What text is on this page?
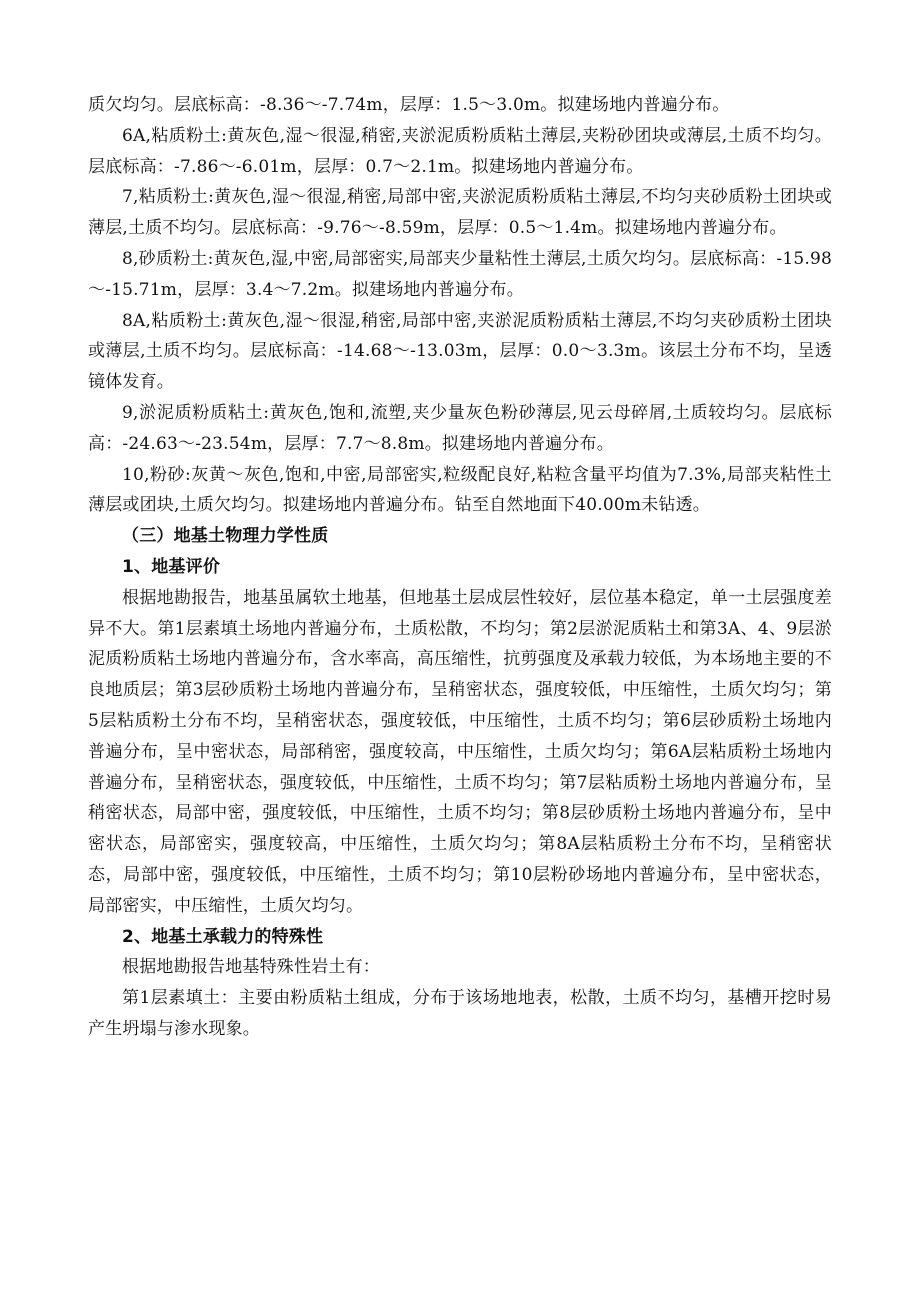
质欠均匀。层底标高：-8.36～-7.74m，层厚：1.5～3.0m。拟建场地内普遍分布。

6A,粘质粉土:黄灰色,湿～很湿,稍密,夹淤泥质粉质粘土薄层,夹粉砂团块或薄层,土质不均匀。层底标高：-7.86～-6.01m，层厚：0.7～2.1m。拟建场地内普遍分布。

7,粘质粉土:黄灰色,湿～很湿,稍密,局部中密,夹淤泥质粉质粘土薄层,不均匀夹砂质粉土团块或薄层,土质不均匀。层底标高：-9.76～-8.59m，层厚：0.5～1.4m。拟建场地内普遍分布。

8,砂质粉土:黄灰色,湿,中密,局部密实,局部夹少量粘性土薄层,土质欠均匀。层底标高：-15.98～-15.71m，层厚：3.4～7.2m。拟建场地内普遍分布。

8A,粘质粉土:黄灰色,湿～很湿,稍密,局部中密,夹淤泥质粉质粘土薄层,不均匀夹砂质粉土团块或薄层,土质不均匀。层底标高：-14.68～-13.03m，层厚：0.0～3.3m。该层土分布不均，呈透镜体发育。

9,淤泥质粉质粘土:黄灰色,饱和,流塑,夹少量灰色粉砂薄层,见云母碎屑,土质较均匀。层底标高：-24.63～-23.54m，层厚：7.7～8.8m。拟建场地内普遍分布。

10,粉砂:灰黄～灰色,饱和,中密,局部密实,粒级配良好,粘粒含量平均值为7.3%,局部夹粘性土薄层或团块,土质欠均匀。拟建场地内普遍分布。钻至自然地面下40.00m未钻透。

（三）地基土物理力学性质

1、地基评价

根据地勘报告，地基虽属软土地基，但地基土层成层性较好，层位基本稳定，单一土层强度差异不大。第1层素填土场地内普遍分布，土质松散，不均匀；第2层淤泥质粘土和第3A、4、9层淤泥质粉质粘土场地内普遍分布，含水率高，高压缩性，抗剪强度及承载力较低，为本场地主要的不良地质层；第3层砂质粉土场地内普遍分布，呈稍密状态，强度较低，中压缩性，土质欠均匀；第5层粘质粉土分布不均，呈稍密状态，强度较低，中压缩性，土质不均匀；第6层砂质粉土场地内普遍分布，呈中密状态，局部稍密，强度较高，中压缩性，土质欠均匀；第6A层粘质粉土场地内普遍分布，呈稍密状态，强度较低，中压缩性，土质不均匀；第7层粘质粉土场地内普遍分布，呈稍密状态，局部中密，强度较低，中压缩性，土质不均匀；第8层砂质粉土场地内普遍分布，呈中密状态，局部密实，强度较高，中压缩性，土质欠均匀；第8A层粘质粉土分布不均，呈稍密状态，局部中密，强度较低，中压缩性，土质不均匀；第10层粉砂场地内普遍分布，呈中密状态，局部密实，中压缩性，土质欠均匀。

2、地基土承载力的特殊性

根据地勘报告地基特殊性岩土有：

第1层素填土：主要由粉质粘土组成，分布于该场地地表，松散，土质不均匀，基槽开挖时易产生坍塌与渗水现象。
